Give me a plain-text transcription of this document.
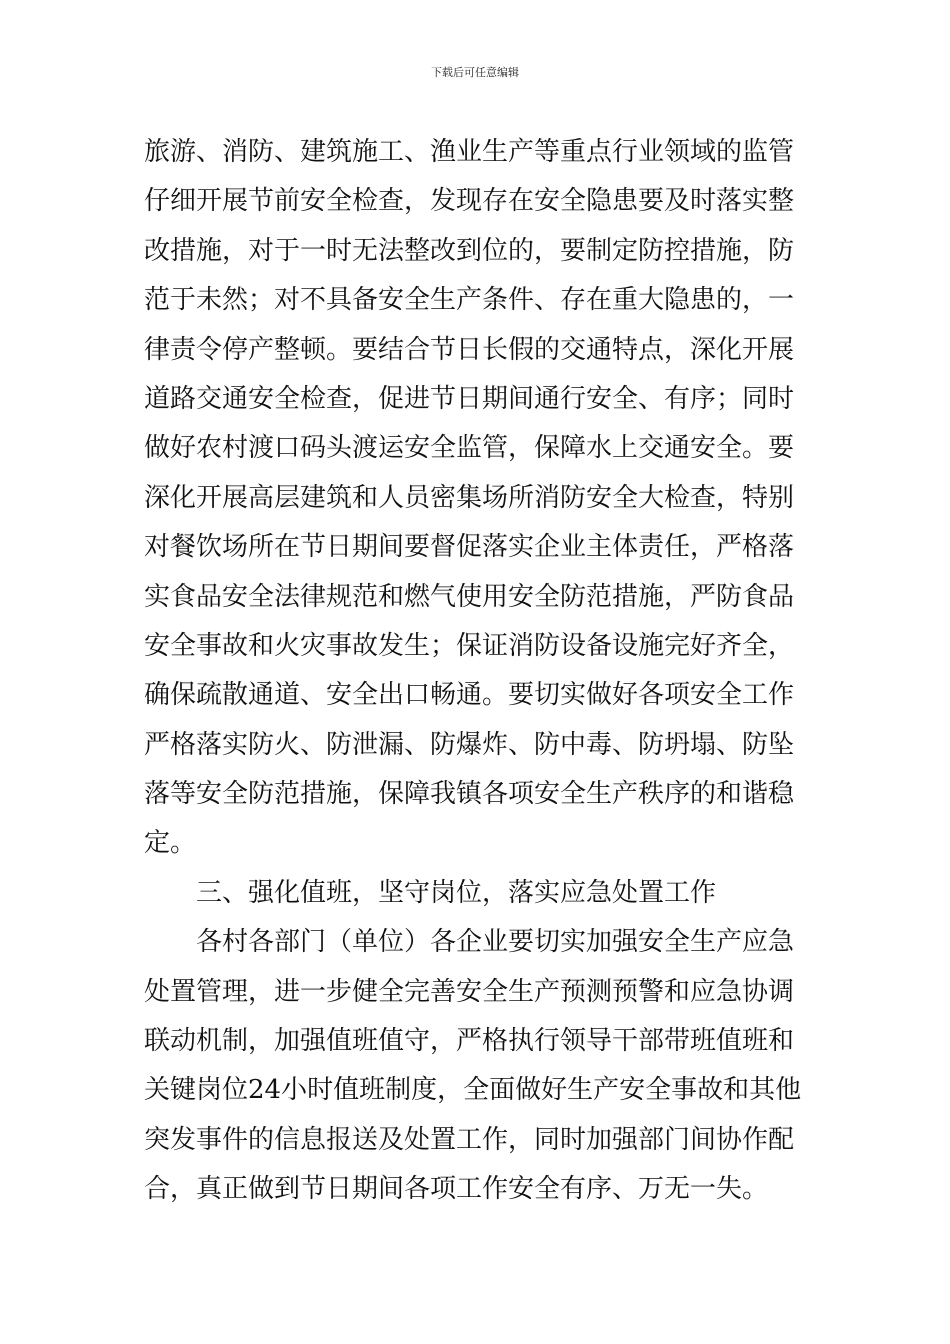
下载后可任意编辑
旅游、消防、建筑施工、渔业生产等重点行业领域的监管
仔细开展节前安全检查，发现存在安全隐患要及时落实整
改措施，对于一时无法整改到位的，要制定防控措施，防
范于未然；对不具备安全生产条件、存在重大隐患的，一
律责令停产整顿。要结合节日长假的交通特点，深化开展
道路交通安全检查，促进节日期间通行安全、有序；同时
做好农村渡口码头渡运安全监管，保障水上交通安全。要
深化开展高层建筑和人员密集场所消防安全大检查，特别
对餐饮场所在节日期间要督促落实企业主体责任，严格落
实食品安全法律规范和燃气使用安全防范措施，严防食品
安全事故和火灾事故发生；保证消防设备设施完好齐全，
确保疏散通道、安全出口畅通。要切实做好各项安全工作
严格落实防火、防泄漏、防爆炸、防中毒、防坍塌、防坠
落等安全防范措施，保障我镇各项安全生产秩序的和谐稳
定。
三、强化值班，坚守岗位，落实应急处置工作
各村各部门（单位）各企业要切实加强安全生产应急
处置管理，进一步健全完善安全生产预测预警和应急协调
联动机制，加强值班值守，严格执行领导干部带班值班和
关键岗位24小时值班制度，全面做好生产安全事故和其他
突发事件的信息报送及处置工作，同时加强部门间协作配
合，真正做到节日期间各项工作安全有序、万无一失。
